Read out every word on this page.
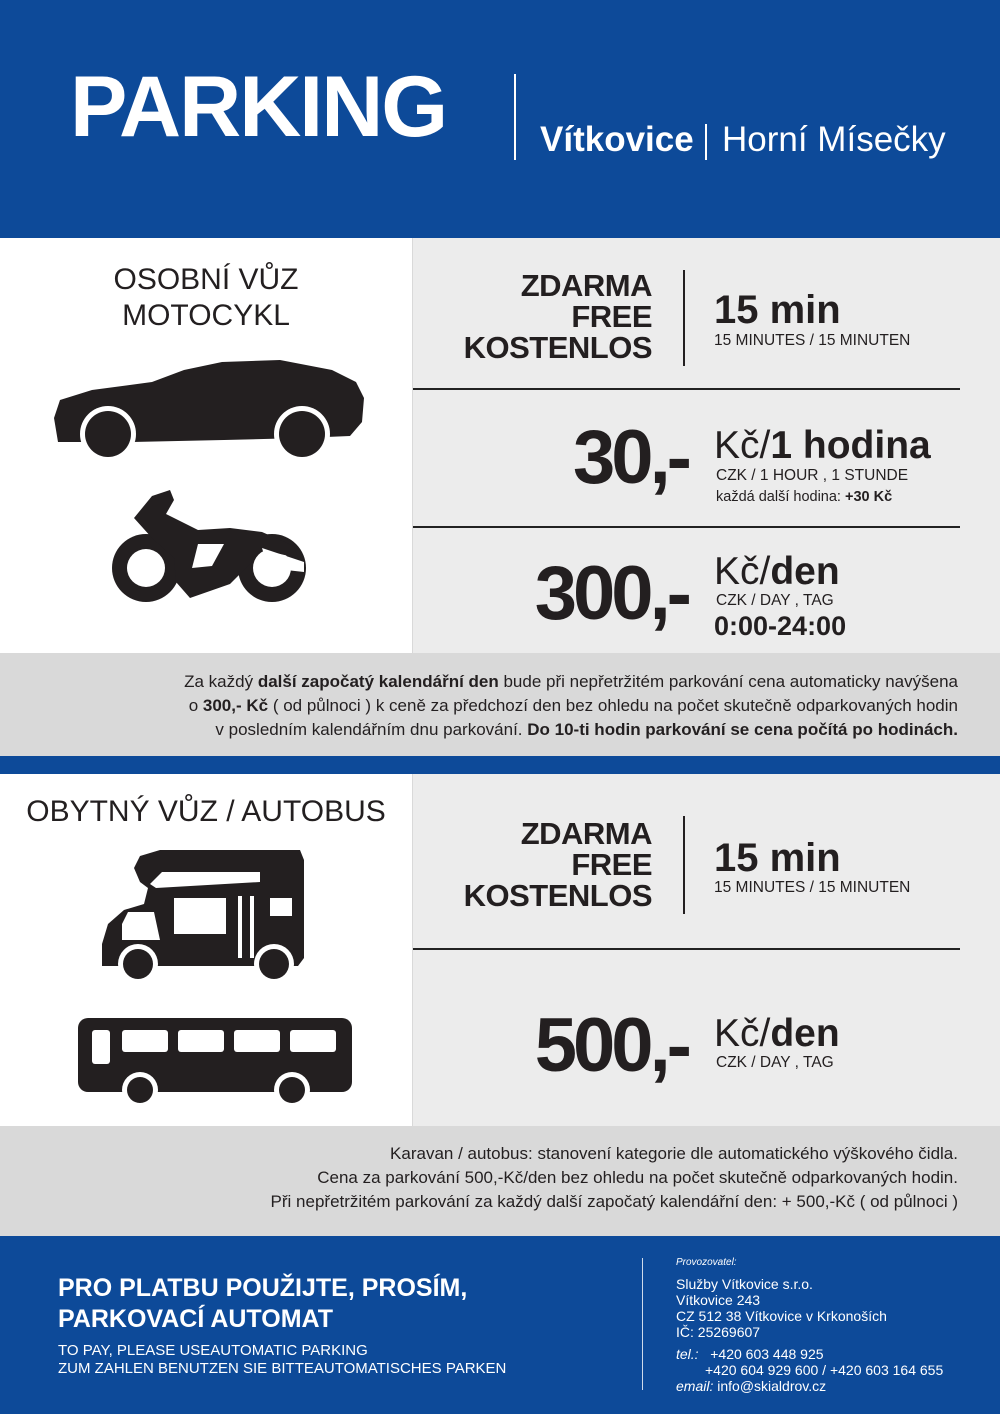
PARKING	Vítkovice Horní Mísečky
OSOBNÍ VŮZ
MOTOCYKL
ZDARMA
FREE
KOSTENLOS
15 min
15 MINUTES / 15 MINUTEN
30,- Kč/1 hodina
CZK / 1 HOUR , 1 STUNDE
každá další hodina: +30 Kč
300,- Kč/den
CZK / DAY , TAG
0:00-24:00
Za každý další započatý kalendářní den bude při nepřetržitém parkování cena automaticky navýšena
o 300,- Kč ( od půlnoci ) k ceně za předchozí den bez ohledu na počet skutečně odparkovaných hodin
v posledním kalendářním dnu parkování. Do 10-ti hodin parkování se cena počítá po hodinách.
OBYTNÝ VŮZ / AUTOBUS
ZDARMA
FREE
KOSTENLOS
15 min
15 MINUTES / 15 MINUTEN
500,- Kč/den
CZK / DAY , TAG
Karavan / autobus: stanovení kategorie dle automatického výškového čidla.
Cena za parkování 500,-Kč/den bez ohledu na počet skutečně odparkovaných hodin.
Při nepřetržitém parkování za každý další započatý kalendářní den: + 500,-Kč ( od půlnoci )
PRO PLATBU POUŽIJTE, PROSÍM,
PARKOVACÍ AUTOMAT
TO PAY, PLEASE USEAUTOMATIC PARKING
ZUM ZAHLEN BENUTZEN SIE BITTEAUTOMATISCHES PARKEN
Provozovatel:
Služby Vítkovice s.r.o.
Vítkovice 243
CZ 512 38 Vítkovice v Krkonoších
IČ: 25269607
tel.: +420 603 448 925
+420 604 929 600 / +420 603 164 655
email: info@skialdrov.cz
